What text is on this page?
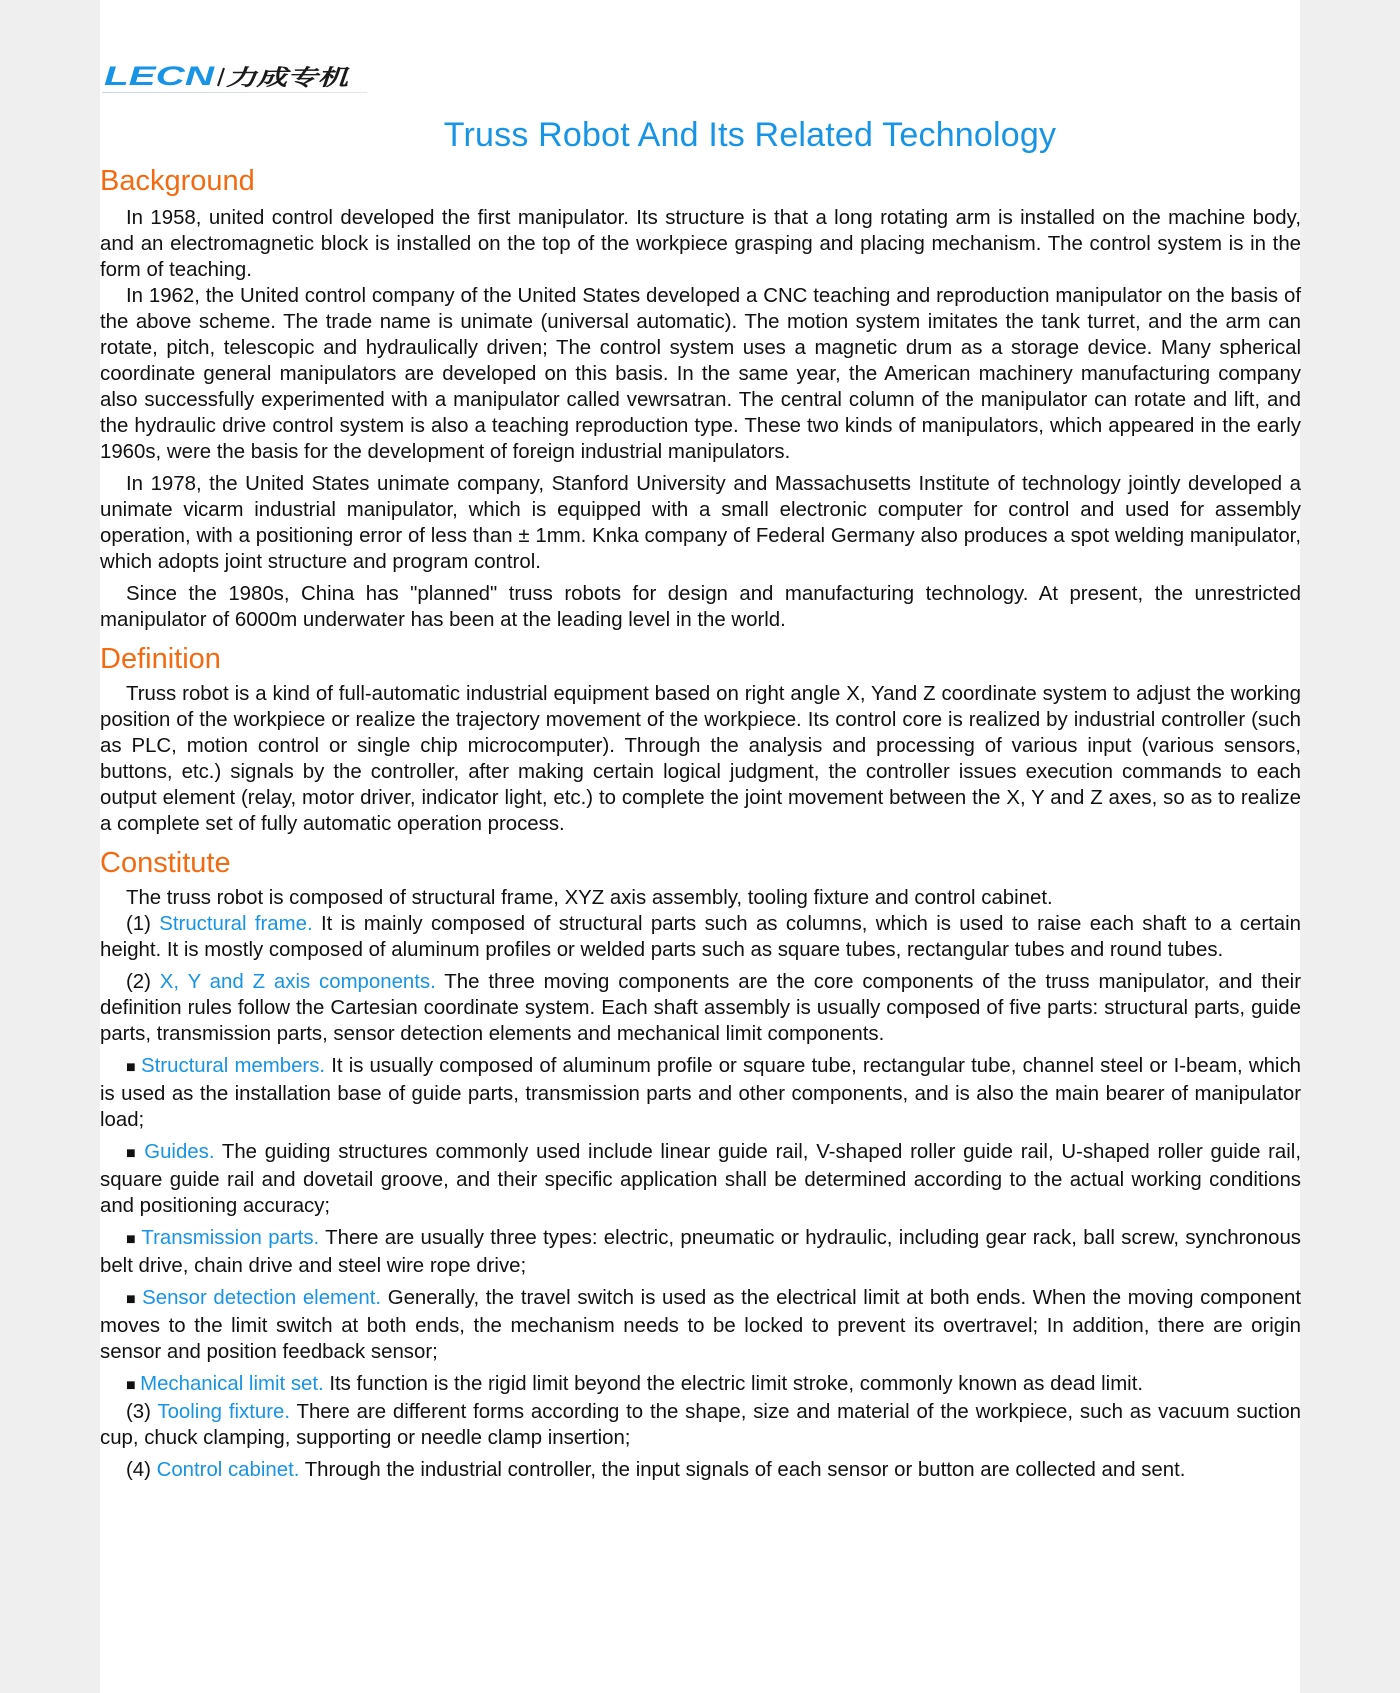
LECN 力成专机
Truss Robot And Its Related Technology
Background

In 1958, united control developed the first manipulator. Its structure is that a long rotating arm is installed on the machine body, and an electromagnetic block is installed on the top of the workpiece grasping and placing mechanism. The control system is in the form of teaching.

In 1962, the United control company of the United States developed a CNC teaching and reproduction manipulator on the basis of the above scheme. The trade name is unimate (universal automatic). The motion system imitates the tank turret, and the arm can rotate, pitch, telescopic and hydraulically driven; The control system uses a magnetic drum as a storage device. Many spherical coordinate general manipulators are developed on this basis. In the same year, the American machinery manufacturing company also successfully experimented with a manipulator called vewrsatran. The central column of the manipulator can rotate and lift, and the hydraulic drive control system is also a teaching reproduction type. These two kinds of manipulators, which appeared in the early 1960s, were the basis for the development of foreign industrial manipulators.

In 1978, the United States unimate company, Stanford University and Massachusetts Institute of technology jointly developed a unimate vicarm industrial manipulator, which is equipped with a small electronic computer for control and used for assembly operation, with a positioning error of less than ± 1mm. Knka company of Federal Germany also produces a spot welding manipulator, which adopts joint structure and program control.

Since the 1980s, China has "planned" truss robots for design and manufacturing technology. At present, the unrestricted manipulator of 6000m underwater has been at the leading level in the world.

Definition

Truss robot is a kind of full-automatic industrial equipment based on right angle X, Yand Z coordinate system to adjust the working position of the workpiece or realize the trajectory movement of the workpiece. Its control core is realized by industrial controller (such as PLC, motion control or single chip microcomputer). Through the analysis and processing of various input (various sensors, buttons, etc.) signals by the controller, after making certain logical judgment, the controller issues execution commands to each output element (relay, motor driver, indicator light, etc.) to complete the joint movement between the X, Y and Z axes, so as to realize a complete set of fully automatic operation process.

Constitute

The truss robot is composed of structural frame, XYZ axis assembly, tooling fixture and control cabinet.

(1) Structural frame. It is mainly composed of structural parts such as columns, which is used to raise each shaft to a certain height. It is mostly composed of aluminum profiles or welded parts such as square tubes, rectangular tubes and round tubes.

(2) X, Y and Z axis components. The three moving components are the core components of the truss manipulator, and their definition rules follow the Cartesian coordinate system. Each shaft assembly is usually composed of five parts: structural parts, guide parts, transmission parts, sensor detection elements and mechanical limit components.

■ Structural members. It is usually composed of aluminum profile or square tube, rectangular tube, channel steel or I-beam, which is used as the installation base of guide parts, transmission parts and other components, and is also the main bearer of manipulator load;

■ Guides. The guiding structures commonly used include linear guide rail, V-shaped roller guide rail, U-shaped roller guide rail, square guide rail and dovetail groove, and their specific application shall be determined according to the actual working conditions and positioning accuracy;

■ Transmission parts. There are usually three types: electric, pneumatic or hydraulic, including gear rack, ball screw, synchronous belt drive, chain drive and steel wire rope drive;

■ Sensor detection element. Generally, the travel switch is used as the electrical limit at both ends. When the moving component moves to the limit switch at both ends, the mechanism needs to be locked to prevent its overtravel; In addition, there are origin sensor and position feedback sensor;

■ Mechanical limit set. Its function is the rigid limit beyond the electric limit stroke, commonly known as dead limit.

(3) Tooling fixture. There are different forms according to the shape, size and material of the workpiece, such as vacuum suction cup, chuck clamping, supporting or needle clamp insertion;

(4) Control cabinet. Through the industrial controller, the input signals of each sensor or button are collected and sent.
